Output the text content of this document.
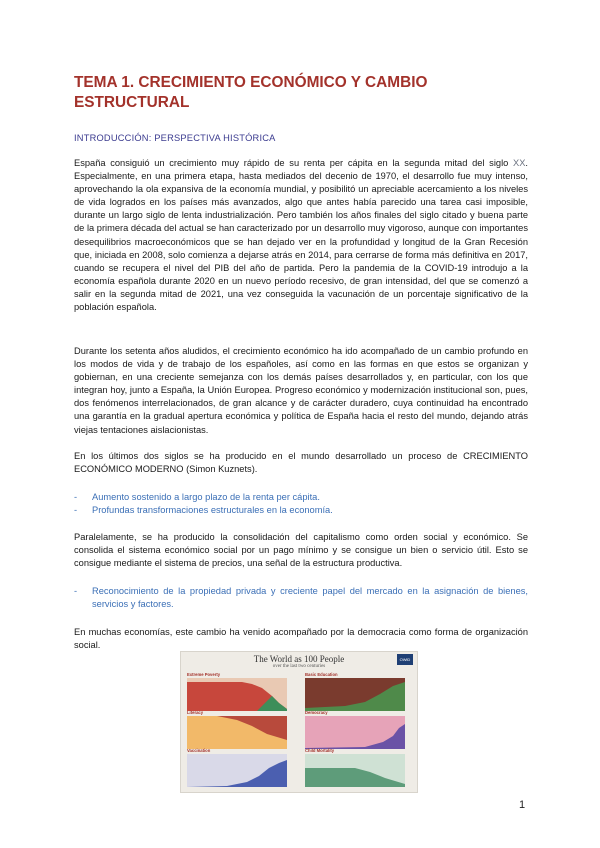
TEMA 1. CRECIMIENTO ECONÓMICO Y CAMBIO ESTRUCTURAL
INTRODUCCIÓN: PERSPECTIVA HISTÓRICA

España consiguió un crecimiento muy rápido de su renta per cápita en la segunda mitad del siglo XX. Especialmente, en una primera etapa, hasta mediados del decenio de 1970, el desarrollo fue muy intenso, aprovechando la ola expansiva de la economía mundial, y posibilitó un apreciable acercamiento a los niveles de vida logrados en los países más avanzados, algo que antes había parecido una tarea casi imposible, durante un largo siglo de lenta industrialización. Pero también los años finales del siglo citado y buena parte de la primera década del actual se han caracterizado por un desarrollo muy vigoroso, aunque con importantes desequilibrios macroeconómicos que se han dejado ver en la profundidad y longitud de la Gran Recesión que, iniciada en 2008, solo comienza a dejarse atrás en 2014, para cerrarse de forma más definitiva en 2017, cuando se recupera el nivel del PIB del año de partida. Pero la pandemia de la COVID-19 introdujo a la economía española durante 2020 en un nuevo período recesivo, de gran intensidad, del que se comenzó a salir en la segunda mitad de 2021, una vez conseguida la vacunación de un porcentaje significativo de la población española.

Durante los setenta años aludidos, el crecimiento económico ha ido acompañado de un cambio profundo en los modos de vida y de trabajo de los españoles, así como en las formas en que estos se organizan y gobiernan, en una creciente semejanza con los demás países desarrollados y, en particular, con los que integran hoy, junto a España, la Unión Europea. Progreso económico y modernización institucional son, pues, dos fenómenos interrelacionados, de gran alcance y de carácter duradero, cuya continuidad ha encontrado una garantía en la gradual apertura económica y política de España hacia el resto del mundo, dejando atrás viejas tentaciones aislacionistas.

En los últimos dos siglos se ha producido en el mundo desarrollado un proceso de CRECIMIENTO ECONÓMICO MODERNO (Simon Kuznets).

- Aumento sostenido a largo plazo de la renta per cápita.
- Profundas transformaciones estructurales en la economía.

Paralelamente, se ha producido la consolidación del capitalismo como orden social y económico. Se consolida el sistema económico social por un pago mínimo y se consigue un bien o servicio útil. Esto se consigue mediante el sistema de precios, una señal de la estructura productiva.

- Reconocimiento de la propiedad privada y creciente papel del mercado en la asignación de bienes, servicios y factores.

En muchas economías, este cambio ha venido acompañado por la democracia como forma de organización social.

The World as 100 People
over the last two centuries
OWiD
Extreme Poverty	Basic Education
Literacy	Democracy
Vaccination	Child Mortality
1
